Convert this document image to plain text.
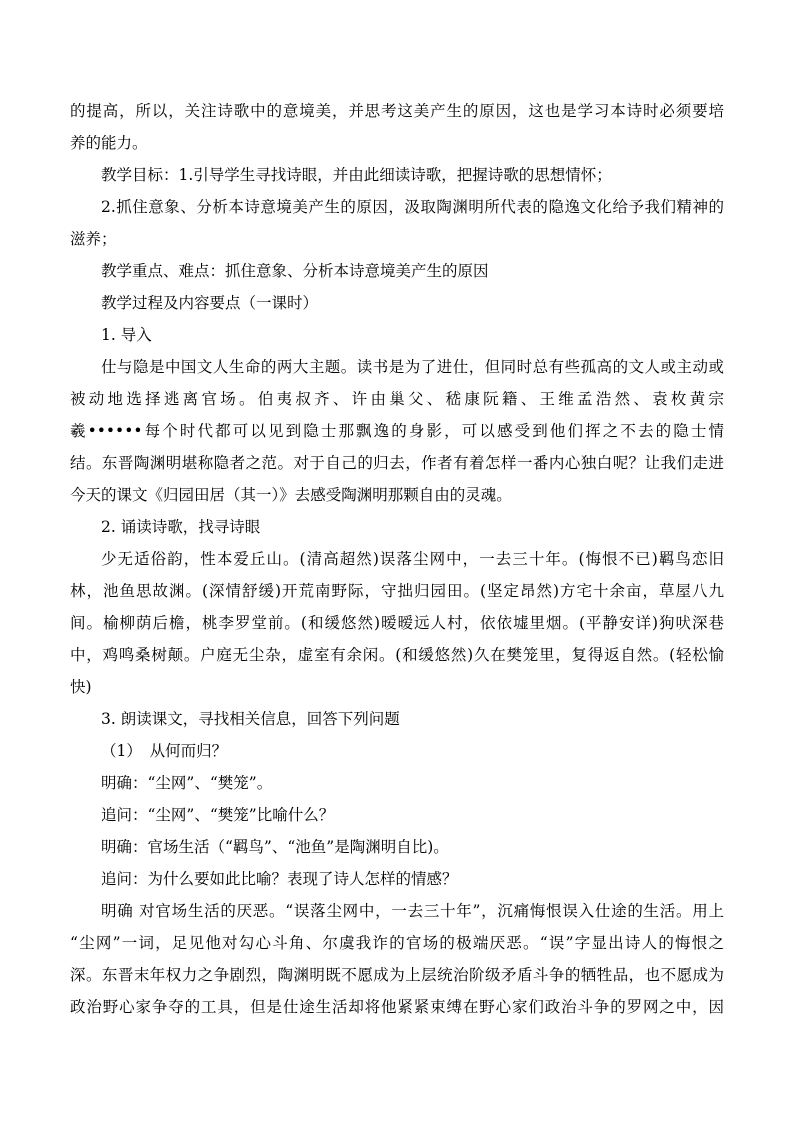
的提高，所以，关注诗歌中的意境美，并思考这美产生的原因，这也是学习本诗时必须要培
养的能力。
教学目标：1.引导学生寻找诗眼，并由此细读诗歌，把握诗歌的思想情怀；
2.抓住意象、分析本诗意境美产生的原因，汲取陶渊明所代表的隐逸文化给予我们精神的
滋养；
教学重点、难点：抓住意象、分析本诗意境美产生的原因
教学过程及内容要点（一课时）
1. 导入
仕与隐是中国文人生命的两大主题。读书是为了进仕，但同时总有些孤高的文人或主动或
被动地选择逃离官场。伯夷叔齐、许由巢父、嵇康阮籍、王维孟浩然、袁枚黄宗
羲••••••每个时代都可以见到隐士那飘逸的身影，可以感受到他们挥之不去的隐士情
结。东晋陶渊明堪称隐者之范。对于自己的归去，作者有着怎样一番内心独白呢？让我们走进
今天的课文《归园田居（其一）》去感受陶渊明那颗自由的灵魂。
2. 诵读诗歌，找寻诗眼
少无适俗韵，性本爱丘山。(清高超然)误落尘网中，一去三十年。(悔恨不已)羁鸟恋旧
林，池鱼思故渊。(深情舒缓)开荒南野际，守拙归园田。(坚定昂然)方宅十余亩，草屋八九
间。榆柳荫后檐，桃李罗堂前。(和缓悠然)暧暧远人村，依依墟里烟。(平静安详)狗吠深巷
中，鸡鸣桑树颠。户庭无尘杂，虚室有余闲。(和缓悠然)久在樊笼里，复得返自然。(轻松愉
快)
3. 朗读课文，寻找相关信息，回答下列问题
（1）　从何而归？
明确：“尘网”、“樊笼”。
追问：“尘网”、“樊笼”比喻什么？
明确：官场生活（“羁鸟”、“池鱼”是陶渊明自比)。
追问：为什么要如此比喻？表现了诗人怎样的情感？
明确 对官场生活的厌恶。“误落尘网中，一去三十年”，沉痛悔恨误入仕途的生活。用上
“尘网”一词，足见他对勾心斗角、尔虞我诈的官场的极端厌恶。“误”字显出诗人的悔恨之
深。东晋末年权力之争剧烈，陶渊明既不愿成为上层统治阶级矛盾斗争的牺牲品，也不愿成为
政治野心家争夺的工具，但是仕途生活却将他紧紧束缚在野心家们政治斗争的罗网之中，因
